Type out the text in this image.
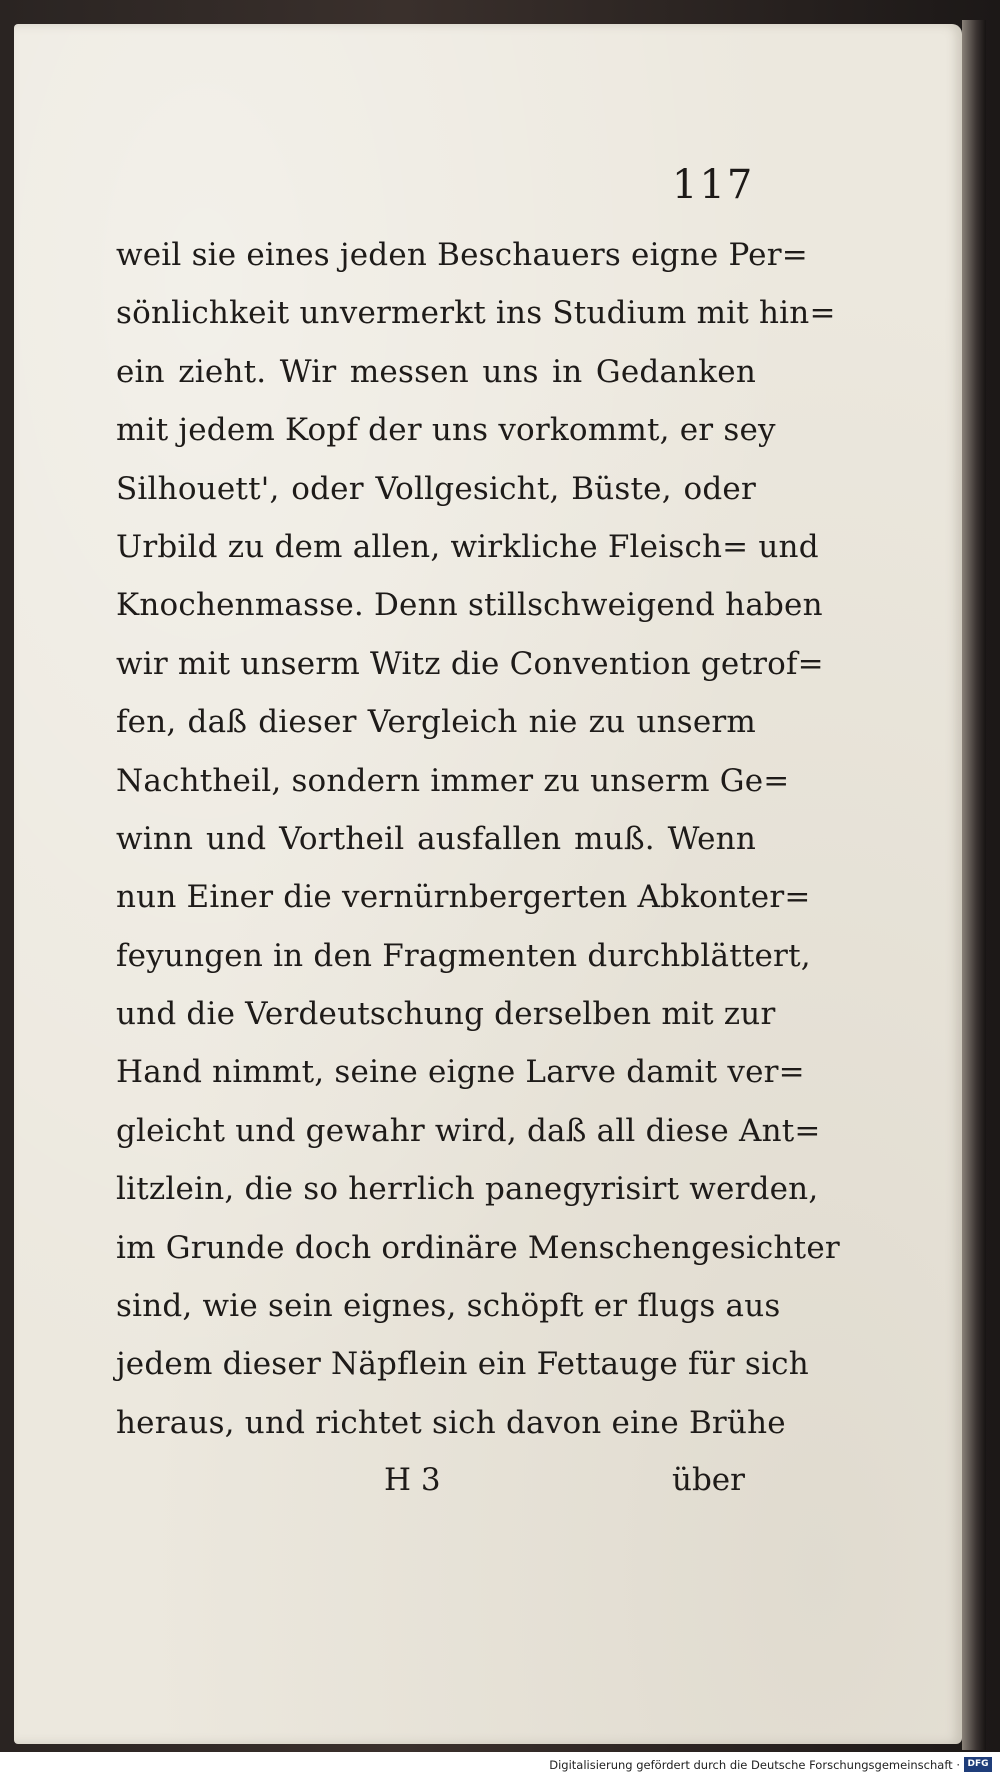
117
weil sie eines jeden Beschauers eigne Per=
sönlichkeit unvermerkt ins Studium mit hin=
ein zieht. Wir messen uns in Gedanken
mit jedem Kopf der uns vorkommt, er sey
Silhouett', oder Vollgesicht, Büste, oder
Urbild zu dem allen, wirkliche Fleisch= und
Knochenmasse. Denn stillschweigend haben
wir mit unserm Witz die Convention getrof=
fen, daß dieser Vergleich nie zu unserm
Nachtheil, sondern immer zu unserm Ge=
winn und Vortheil ausfallen muß. Wenn
nun Einer die vernürnbergerten Abkonter=
feyungen in den Fragmenten durchblättert,
und die Verdeutschung derselben mit zur
Hand nimmt, seine eigne Larve damit ver=
gleicht und gewahr wird, daß all diese Ant=
litzlein, die so herrlich panegyrisirt werden,
im Grunde doch ordinäre Menschengesichter
sind, wie sein eignes, schöpft er flugs aus
jedem dieser Näpflein ein Fettauge für sich
heraus, und richtet sich davon eine Brühe
H 3	über
Digitalisierung gefördert durch die Deutsche Forschungsgemeinschaft · DFG
